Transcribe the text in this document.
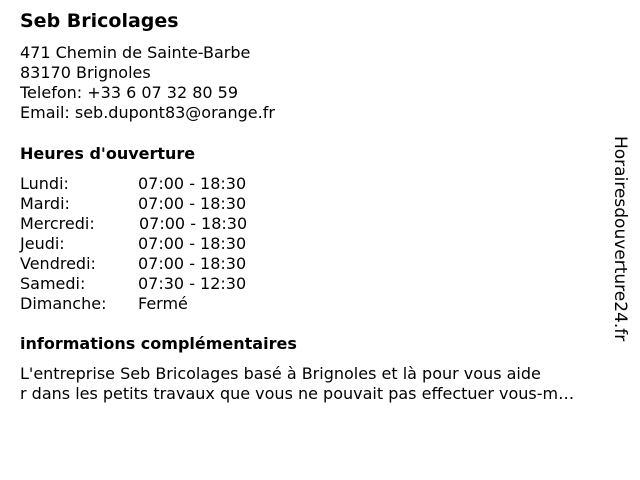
Seb Bricolages
471 Chemin de Sainte-Barbe
83170 Brignoles
Telefon: +33 6 07 32 80 59
Email: seb.dupont83@orange.fr
Heures d'ouverture
Lundi:	07:00 - 18:30
Mardi:	07:00 - 18:30
Mercredi:	07:00 - 18:30
Jeudi:	07:00 - 18:30
Vendredi:	07:00 - 18:30
Samedi:	07:30 - 12:30
Dimanche: Fermé
informations complémentaires
L'entreprise Seb Bricolages basé à Brignoles et là pour vous aide
r dans les petits travaux que vous ne pouvait pas effectuer vous-m…
Horairesdouverture24.fr
